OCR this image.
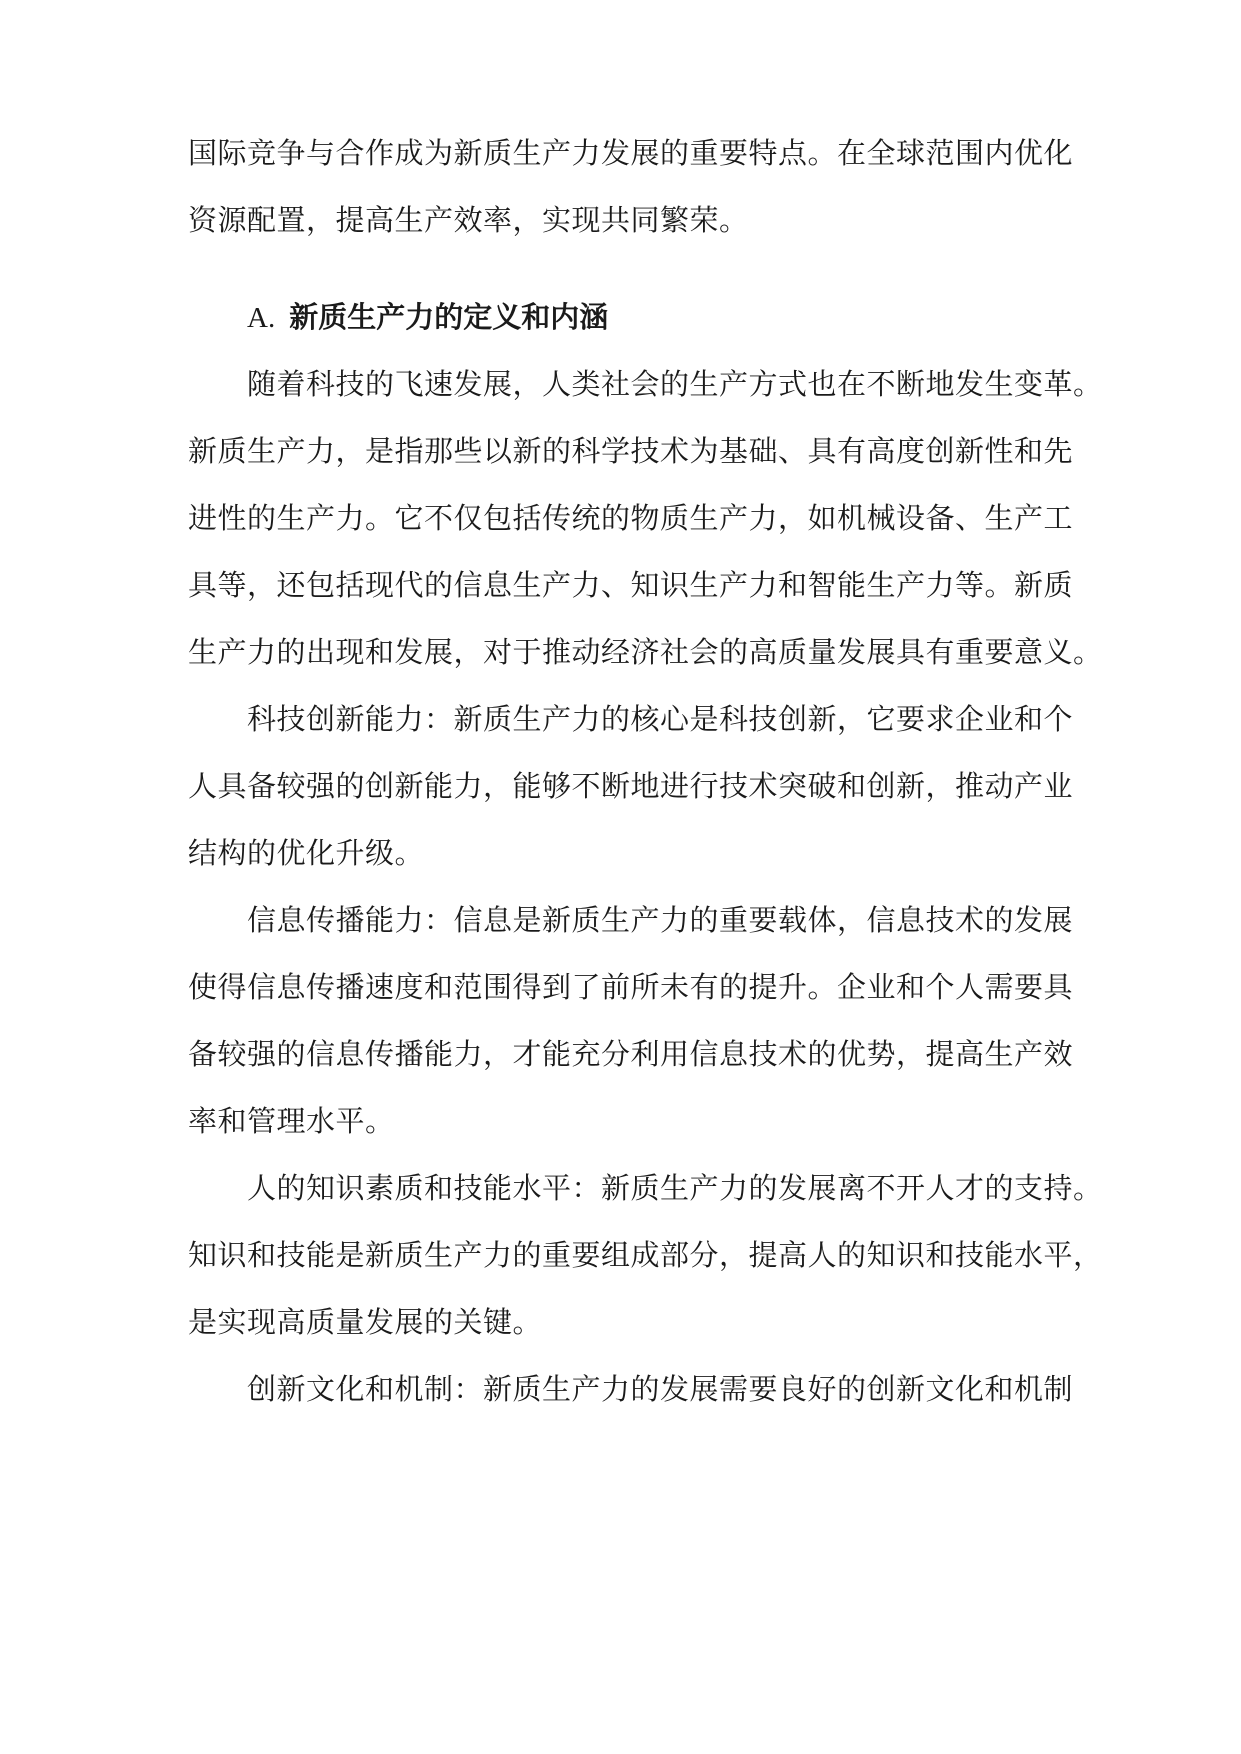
国际竞争与合作成为新质生产力发展的重要特点。在全球范围内优化
资源配置，提高生产效率，实现共同繁荣。
A. 新质生产力的定义和内涵
随着科技的飞速发展，人类社会的生产方式也在不断地发生变革。
新质生产力，是指那些以新的科学技术为基础、具有高度创新性和先
进性的生产力。它不仅包括传统的物质生产力，如机械设备、生产工
具等，还包括现代的信息生产力、知识生产力和智能生产力等。新质
生产力的出现和发展，对于推动经济社会的高质量发展具有重要意义。
科技创新能力：新质生产力的核心是科技创新，它要求企业和个
人具备较强的创新能力，能够不断地进行技术突破和创新，推动产业
结构的优化升级。
信息传播能力：信息是新质生产力的重要载体，信息技术的发展
使得信息传播速度和范围得到了前所未有的提升。企业和个人需要具
备较强的信息传播能力，才能充分利用信息技术的优势，提高生产效
率和管理水平。
人的知识素质和技能水平：新质生产力的发展离不开人才的支持。
知识和技能是新质生产力的重要组成部分，提高人的知识和技能水平，
是实现高质量发展的关键。
创新文化和机制：新质生产力的发展需要良好的创新文化和机制
